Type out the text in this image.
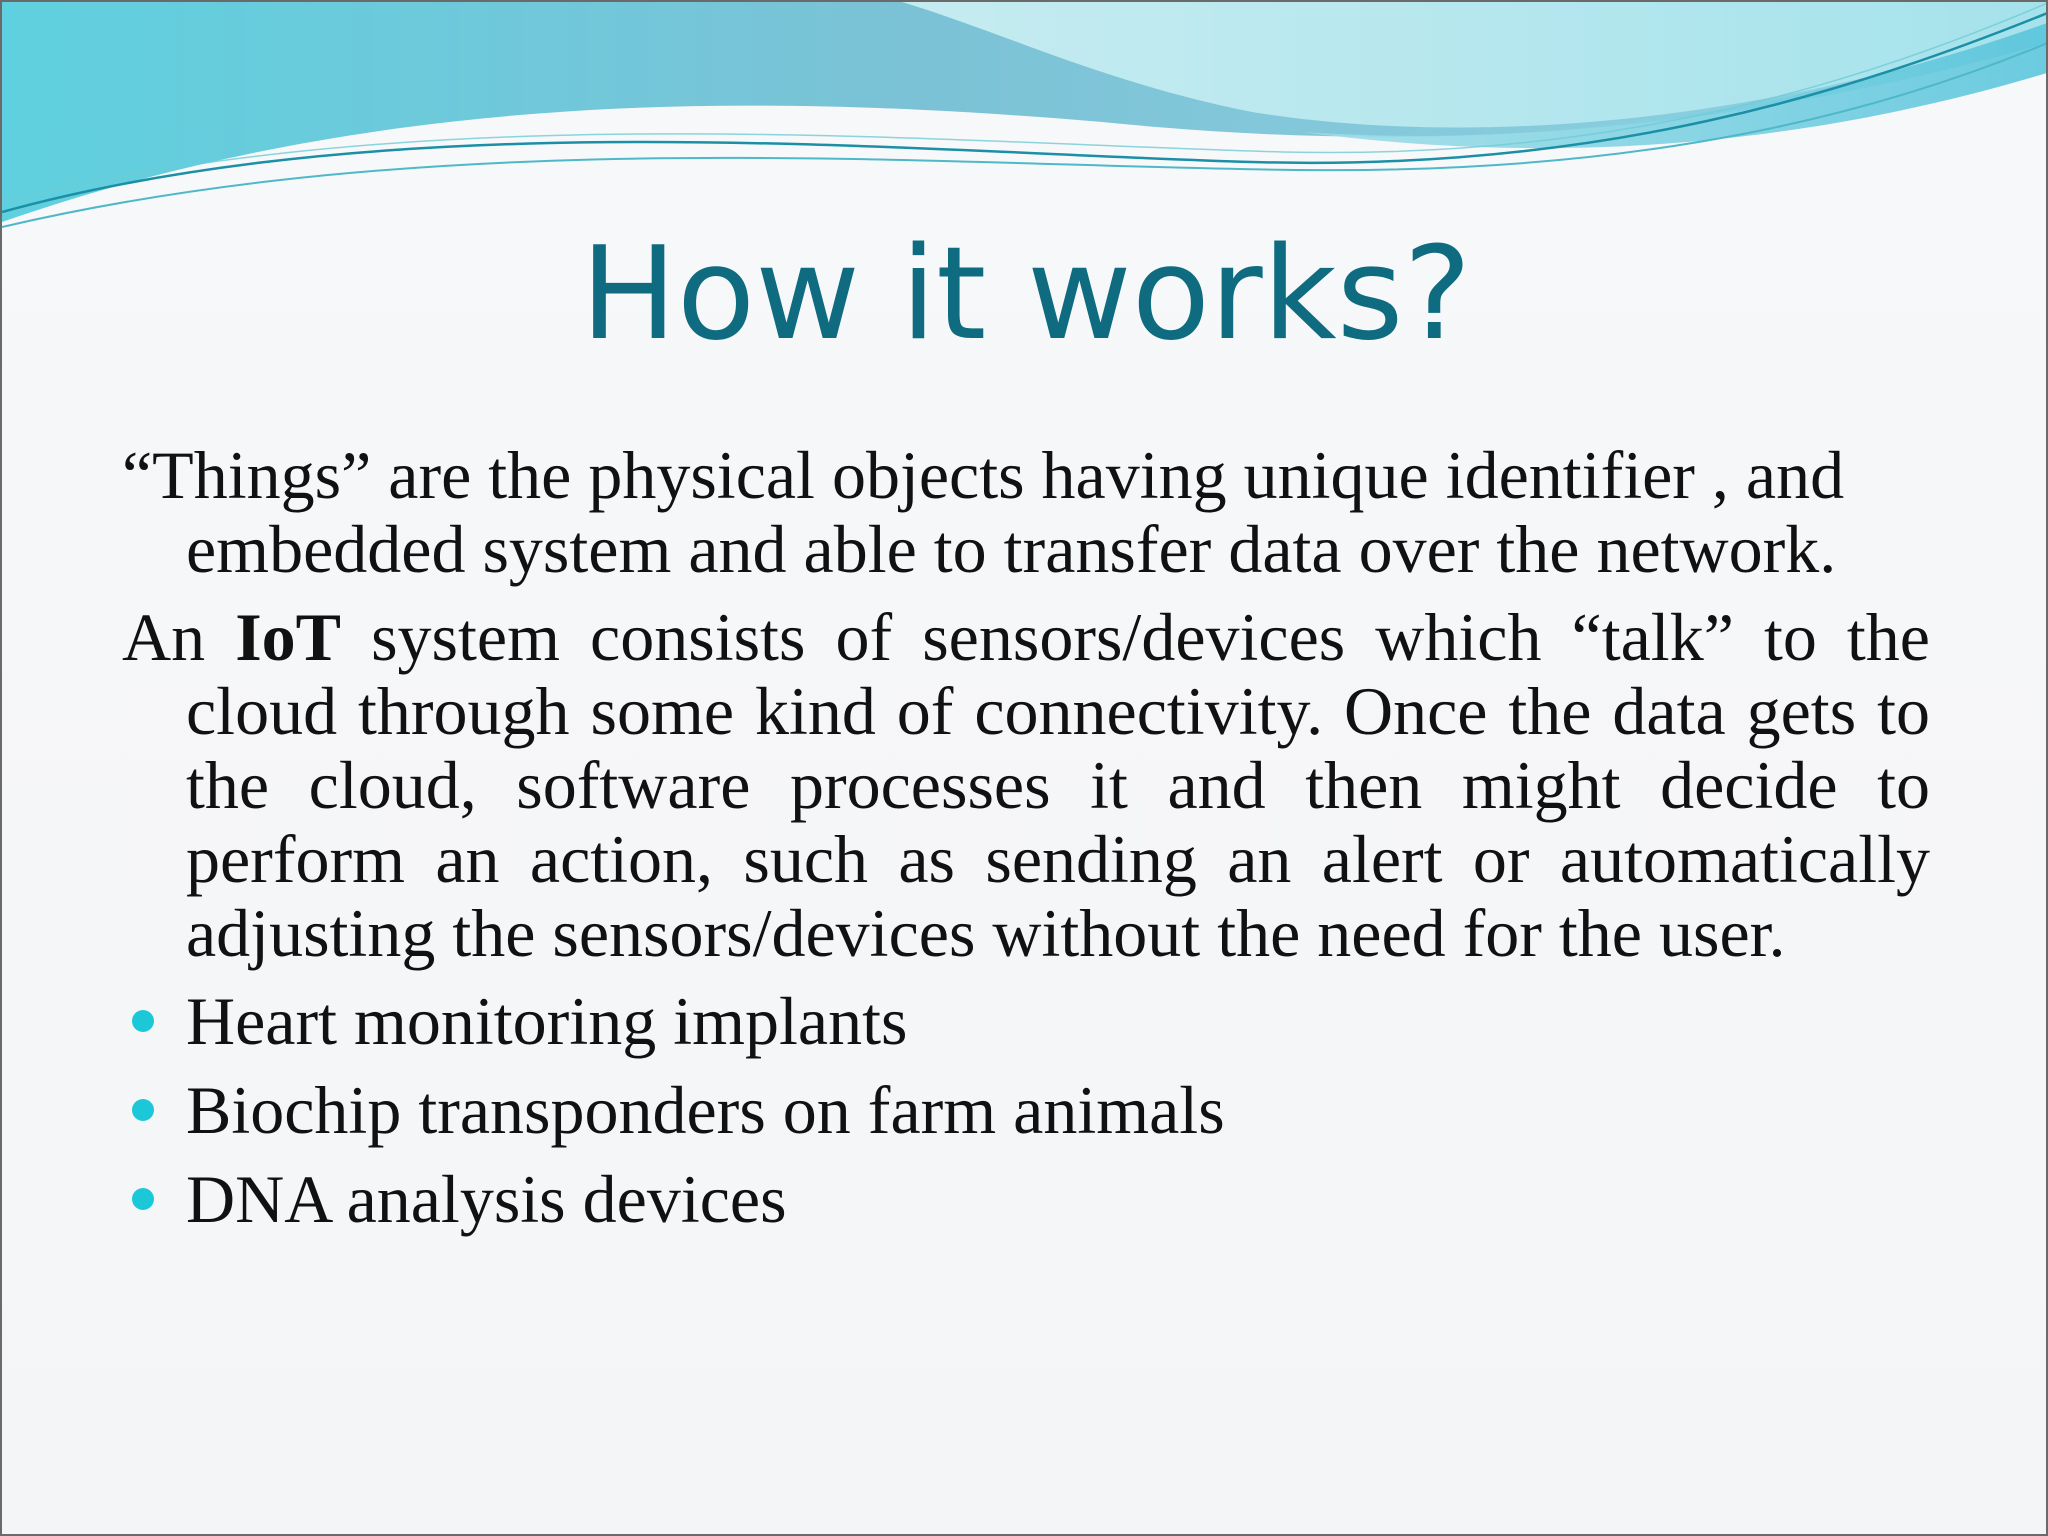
How it works?

“Things” are the physical objects having unique identifier , and embedded system and able to transfer data over the network.

An IoT system consists of sensors/devices which “talk” to the cloud through some kind of connectivity. Once the data gets to the cloud, software processes it and then might decide to perform an action, such as sending an alert or automatically adjusting the sensors/devices without the need for the user.

Heart monitoring implants
Biochip transponders on farm animals
DNA analysis devices
